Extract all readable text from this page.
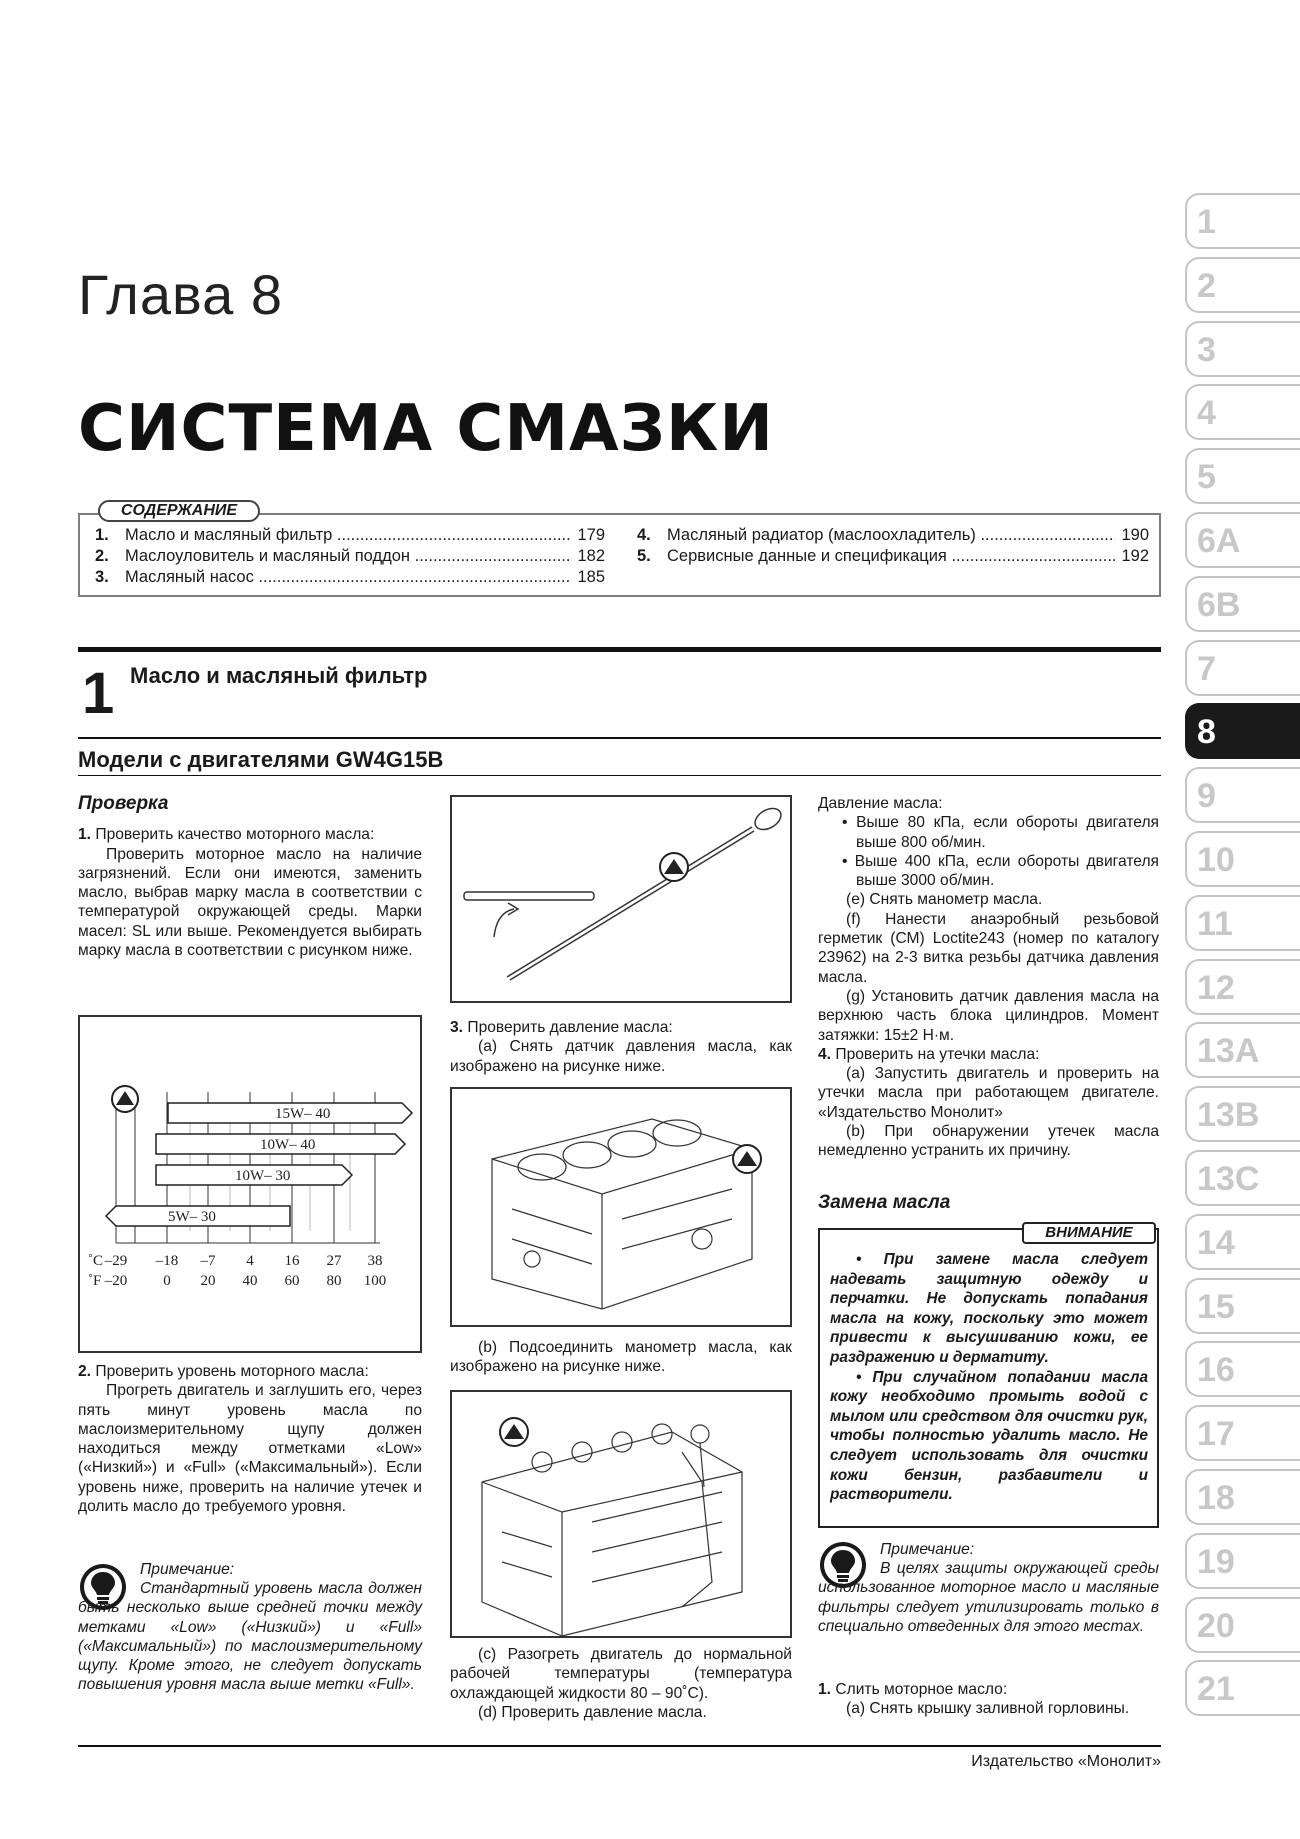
Глава 8
СИСТЕМА СМАЗКИ
СОДЕРЖАНИЕ
1. Масло и масляный фильтр .....	179
2. Маслоуловитель и масляный поддон .....	182
3. Масляный насос .....	185
4. Масляный радиатор (маслоохладитель) .....	190
5. Сервисные данные и спецификация .....	192
1 Масло и масляный фильтр
Модели с двигателями GW4G15B
Проверка

1. Проверить качество моторного масла:

Проверить моторное масло на наличие загрязнений. Если они имеются, заменить масло, выбрав марку масла в соответствии с температурой окружающей среды. Марки масел: SL или выше. Рекомендуется выбирать марку масла в соответствии с рисунком ниже.

15W– 40
10W– 40
10W– 30
5W– 30
˚С –29 –18 –7 4 16 27 38
˚F –20 0 20 40 60 80 100

2. Проверить уровень моторного масла:

Прогреть двигатель и заглушить его, через пять минут уровень масла по маслоизмерительному щупу должен находиться между отметками «Low» («Низкий») и «Full» («Максимальный»). Если уровень ниже, проверить на наличие утечек и долить масло до требуемого уровня.

Примечание:
Стандартный уровень масла должен быть несколько выше средней точки между метками «Low» («Низкий») и «Full» («Максимальный») по маслоизмерительному щупу. Кроме этого, не следует допускать повышения уровня масла выше метки «Full».

3. Проверить давление масла:

(a) Снять датчик давления масла, как изображено на рисунке ниже.

(b) Подсоединить манометр масла, как изображено на рисунке ниже.

(c) Разогреть двигатель до нормальной рабочей температуры (температура охлаждающей жидкости 80 – 90˚С).

(d) Проверить давление масла.

Давление масла:

• Выше 80 кПа, если обороты двигателя выше 800 об/мин.

• Выше 400 кПа, если обороты двигателя выше 3000 об/мин.

(e) Снять манометр масла.

(f) Нанести анаэробный резьбовой герметик (СМ) Loctite243 (номер по каталогу 23962) на 2-3 витка резьбы датчика давления масла.

(g) Установить датчик давления масла на верхнюю часть блока цилиндров. Момент затяжки: 15±2 Н·м.

4. Проверить на утечки масла:

(a) Запустить двигатель и проверить на утечки масла при работающем двигателе. «Издательство Монолит»

(b) При обнаружении утечек масла немедленно устранить их причину.

Замена масла
ВНИМАНИЕ

• При замене масла следует надевать защитную одежду и перчатки. Не допускать попадания масла на кожу, поскольку это может привести к высушиванию кожи, ее раздражению и дерматиту.

• При случайном попадании масла кожу необходимо промыть водой с мылом или средством для очистки рук, чтобы полностью удалить масло. Не следует использовать для очистки кожи бензин, разбавители и растворители.

Примечание:
В целях защиты окружающей среды использованное моторное масло и масляные фильтры следует утилизировать только в специально отведенных для этого местах.

1. Слить моторное масло:

(a) Снять крышку заливной горловины.

1
2
3
4
5
6A
6B
7
8
9
10
11
12
13A
13B
13C
14
15
16
17
18
19
20
21
Издательство «Монолит»
